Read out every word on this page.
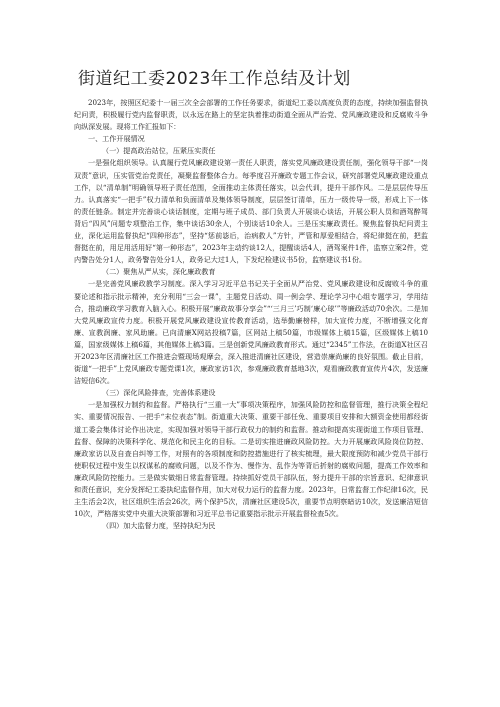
街道纪工委2023年工作总结及计划

2023年，按照区纪委十一届三次全会部署的工作任务要求，街道纪工委以高度负责的态度，持续加强监督执纪问责，积极履行党内监督职责，以永远在路上的坚定执着推动街道全面从严治党、党风廉政建设和反腐败斗争向纵深发展。现将工作汇报如下：

一、工作开展情况

（一）提高政治站位，压紧压实责任

一是强化组织领导。认真履行党风廉政建设第一责任人职责，落实党风廉政建设责任制，强化领导干部“一岗双责”意识，压实管党治党责任，凝聚监督整体合力。每季度召开廉政专题工作会议，研究部署党风廉政建设重点工作，以“清单制”明确领导班子责任范围，全面推动主体责任落实，以会代训，提升干部作风。二是层层传导压力。认真落实“一把手”权力清单和负面清单及集体领导制度，层层签订清单，压力一级传导一级，形成上下一体的责任链条。制定并完善谈心谈话制度，定期与班子成员、部门负责人开展谈心谈话，开展公职人员和酒驾醉驾背后“四风”问题专项整治工作，集中谈话30余人，个别谈话10余人。三是压实廉政责任。聚焦监督执纪问责主业，深化运用监督执纪“四种形态”，坚持“惩前毖后，治病救人”方针，严管和厚爱相结合，将纪律挺在前，把监督挺在前，用足用活用好“第一种形态”，2023年主动约谈12人，提醒谈话4人，酒驾案件1件，监察立案2件，党内警告处分1人，政务警告处分1人，政务记大过1人，下发纪检建议书5份，监察建议书1份。

（二）聚焦从严从实，深化廉政教育

一是完善党风廉政教学习制度。深入学习习近平总书记关于全面从严治党、党风廉政建设和反腐败斗争的重要论述和指示批示精神，充分利用“三会一课”，主题党日活动、周一例会学、理论学习中心组专题学习，学用结合，推动廉政学习教育入脑入心。积极开展“廉政故事分享会”“‘三月三’巧制‘廉心球’”等廉政活动70余次。二是加大党风廉政宣传力度。积极开展党风廉政建设宣传教育活动，选举勤廉榜样，加大宣传力度，不断增强文化育廉、宣教润廉、家风助廉。已向清廉X网站投稿7篇，区网站上稿50篇，市级媒体上稿15篇，区级媒体上稿10篇，国家级媒体上稿6篇，其他媒体上稿3篇。三是创新党风廉政教育形式。通过“2345”工作法，在街道X社区召开2023年区清廉社区工作推进会暨现场观摩会，深入推进清廉社区建设，营造崇廉尚廉的良好氛围。截止目前，街道“一把手”上党风廉政专题党课1次，廉政家访1次，参观廉政教育基地3次，观看廉政教育宣传片4次，发送廉洁短信6次。

（三）深化风险排查，完善体系建设

一是加强权力制约和监督。严格执行“三重一大”事项决策程序，加强风险防控和监督管理，推行决策全程纪实、重要情况报告、一把手“末位表态”制。街道重大决策、重要干部任免、重要项目安排和大额资金使用都经街道工委会集体讨论作出决定，实现加强对领导干部行政权力的制约和监督。推动和提高实现街道工作项目管理、监督、保障的决策科学化、规范化和民主化的目标。二是切实推进廉政风险防控。大力开展廉政风险岗位防控、廉政家访以及自查自纠等工作，对照有的各项制度和防控措施进行了核实梳理，最大限度预防和减少党员干部行使职权过程中发生以权谋私的腐败问题，以及不作为、慢作为、乱作为等背后折射的腐败问题，提高工作效率和廉政风险防控能力。三是做实做细日常监督管理。持续抓好党员干部队伍，努力提升干部的宗旨意识、纪律意识和责任意识，充分发挥纪工委执纪监督作用，加大对权力运行的监督力度。2023年，日常监督工作纪律16次，民主生活会2次，社区组织生活会26次，两个保护5次，清廉社区建设5次，重要节点明察暗访10次，发送廉洁短信10次，严格落实党中央重大决策部署和习近平总书记重要指示批示开展监督检查5次。

（四）加大监督力度，坚持执纪为民
